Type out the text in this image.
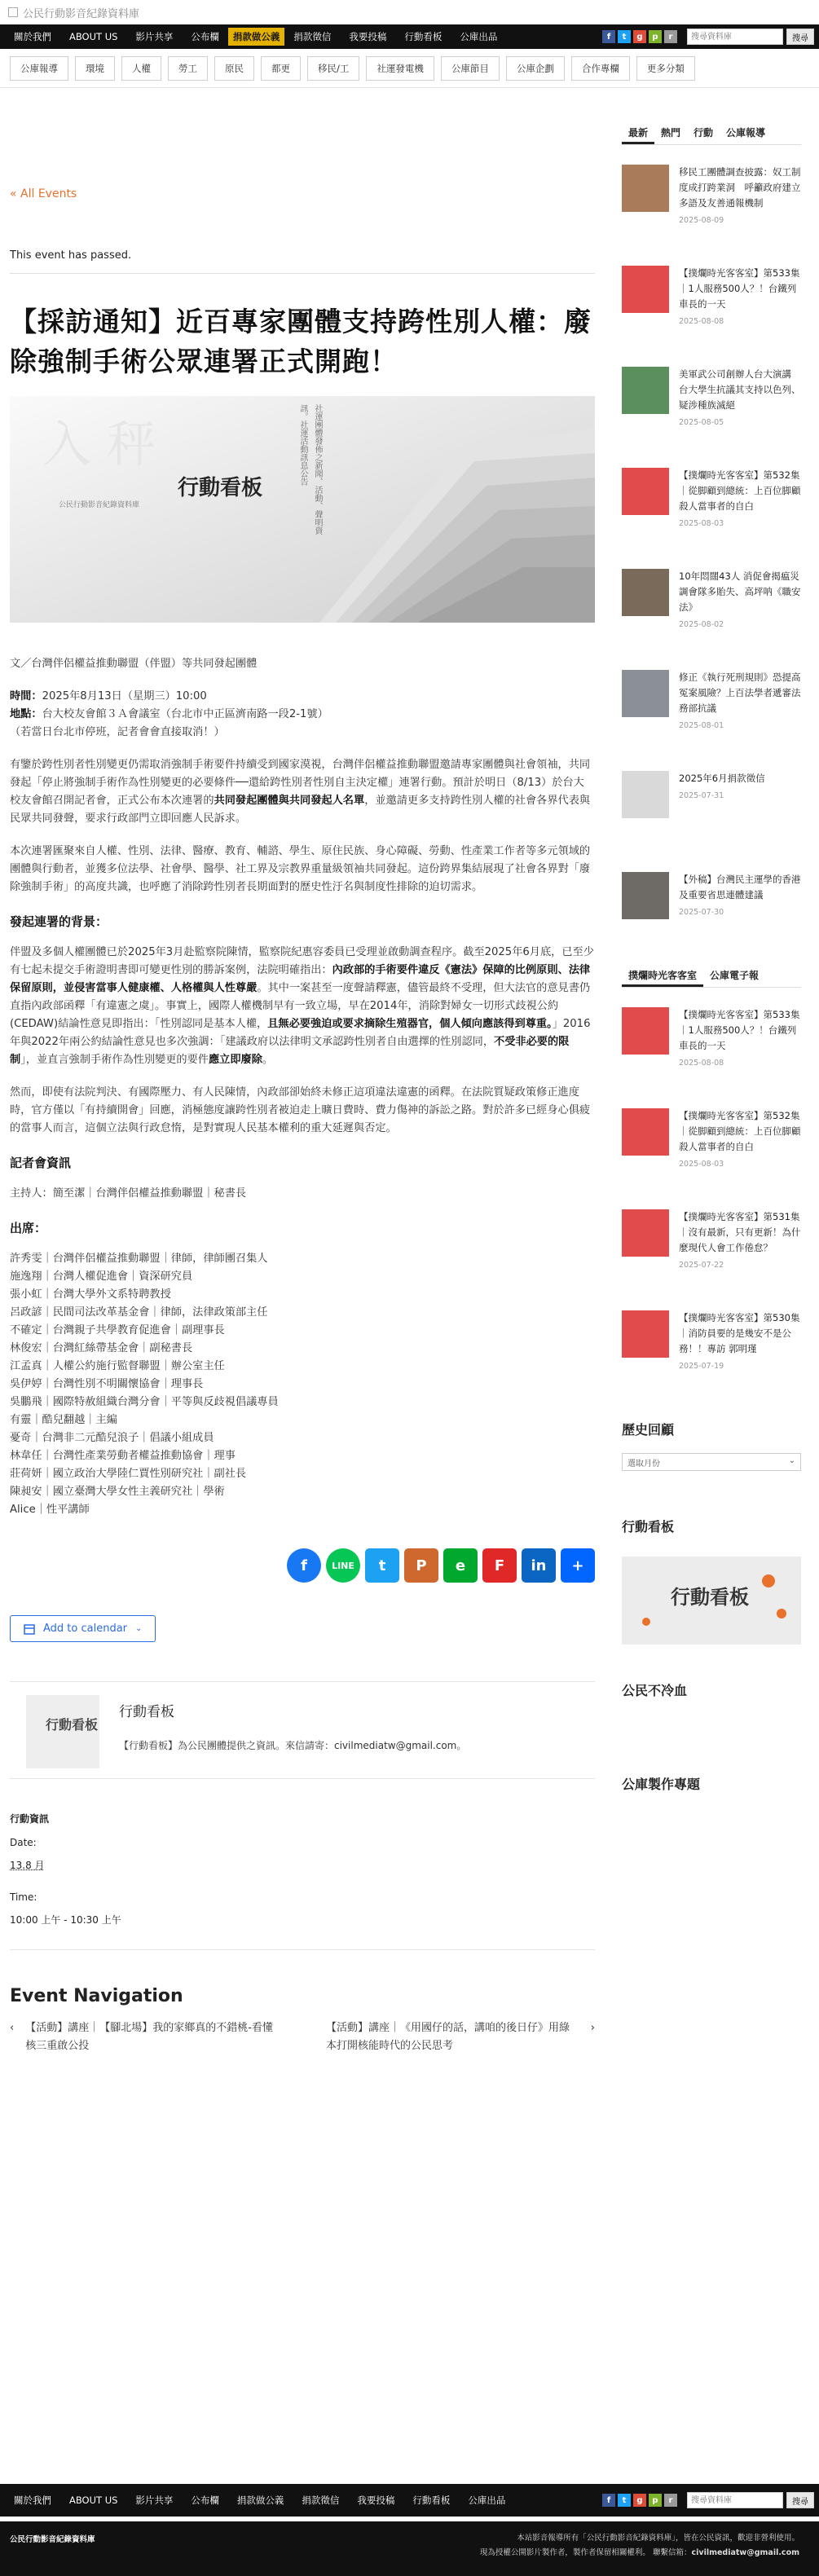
公民行動影音紀錄資料庫
關於我們	ABOUT US	影片共享	公布欄	捐款做公義	捐款徵信	我要投稿	行動看板	公庫出品	f	t	g	p	r
搜尋資料庫	搜尋
公庫報導	環境	人權	勞工	原民	都更	移民/工	社運發電機	公庫節目	公庫企劃	合作專欄	更多分類
« All Events
This event has passed.
【採訪通知】近百專家團體支持跨性別人權：廢除強制手術公眾連署正式開跑！
入 秤
行動看板
公民行動影音紀錄資料庫
社運團體發佈之新聞、活動、聲明資訊。社運活動訊息公告

文／台灣伴侶權益推動聯盟（伴盟）等共同發起團體

時間：2025年8月13日（星期三）10:00
地點：台大校友會館３Ａ會議室（台北市中正區濟南路一段2-1號）
（若當日台北市停班，記者會會直接取消！）

有鑒於跨性別者性別變更仍需取消強制手術要件持續受到國家漠視，台灣伴侶權益推動聯盟邀請專家團體與社會領袖，共同發起「停止將強制手術作為性別變更的必要條件──還給跨性別者性別自主決定權」連署行動。預計於明日（8/13）於台大校友會館召開記者會，正式公布本次連署的共同發起團體與共同發起人名單，並邀請更多支持跨性別人權的社會各界代表與民眾共同發聲，要求行政部門立即回應人民訴求。

本次連署匯聚來自人權、性別、法律、醫療、教育、輔諮、學生、原住民族、身心障礙、勞動、性產業工作者等多元領域的團體與行動者，並獲多位法學、社會學、醫學、社工界及宗教界重量級領袖共同發起。這份跨界集結展現了社會各界對「廢除強制手術」的高度共識，也呼應了消除跨性別者長期面對的歷史性汙名與制度性排除的迫切需求。

發起連署的背景：

伴盟及多個人權團體已於2025年3月赴監察院陳情，監察院紀惠容委員已受理並啟動調查程序。截至2025年6月底，已至少有七起未提交手術證明書即可變更性別的勝訴案例，法院明確指出：內政部的手術要件違反《憲法》保障的比例原則、法律保留原則，並侵害當事人健康權、人格權與人性尊嚴。其中一案甚至一度聲請釋憲，儘管最終不受理，但大法官的意見書仍直指內政部函釋「有違憲之虞」。事實上，國際人權機制早有一致立場，早在2014年，消除對婦女一切形式歧視公約(CEDAW)結論性意見即指出：「性別認同是基本人權，且無必要強迫或要求摘除生殖器官，個人傾向應該得到尊重。」2016年與2022年兩公約結論性意見也多次強調：「建議政府以法律明文承認跨性別者自由選擇的性別認同，不受非必要的限制」，並直言強制手術作為性別變更的要件應立即廢除。

然而，即使有法院判決、有國際壓力、有人民陳情，內政部卻始終未修正這項違法違憲的函釋。在法院質疑政策修正進度時，官方僅以「有持續開會」回應，消極態度讓跨性別者被迫走上曠日費時、費力傷神的訴訟之路。對於許多已經身心俱疲的當事人而言，這個立法與行政怠惰，是對實現人民基本權利的重大延遲與否定。

記者會資訊

主持人：簡至潔｜台灣伴侶權益推動聯盟｜秘書長

出席：
許秀雯｜台灣伴侶權益推動聯盟｜律師，律師團召集人
施逸翔｜台灣人權促進會｜資深研究員
張小虹｜台灣大學外文系特聘教授
呂政諺｜民間司法改革基金會｜律師，法律政策部主任
不確定｜台灣親子共學教育促進會｜副理事長
林俊宏｜台灣紅絲帶基金會｜副秘書長
江孟真｜人權公約施行監督聯盟｜辦公室主任
吳伊婷｜台灣性別不明關懷協會｜理事長
吳鵬飛｜國際特赦組織台灣分會｜平等與反歧視倡議專員
有靈｜酷兒翻越｜主編
憂奇｜台灣非二元酷兒浪子｜倡議小組成員
林韋任｜台灣性產業勞動者權益推動協會｜理事
莊荷妍｜國立政治大學陸仁賈性別研究社｜副社長
陳昶安｜國立臺灣大學女性主義研究社｜學術
Alice｜性平講師
f	LINE	t	P	e	F	in	+
Add to calendar ⌄
行動看板
行動看板
【行動看板】為公民團體提供之資訊。來信請寄：civilmediatw@gmail.com。
行動資訊
Date:
13.8 月
Time:
10:00 上午 - 10:30 上午
Event Navigation
‹ 【活動】講座｜【腳北場】我的家鄉真的不錯桃-看懂核三重啟公投
【活動】講座｜《用國仔的話，講咱的後日仔》用綠本打開核能時代的公民思考
›
最新	熱門	行動	公庫報導
移民工團體調查披露：奴工制度成打跨業洞　呼籲政府建立多語及友善通報機制
2025-08-09
【撲爛時光客客室】第533集｜1人服務500人？！台鐵列車長的一天
2025-08-08
美軍武公司創辦人台大演講　台大學生抗議其支持以色列、疑涉種族滅絕
2025-08-05
【撲爛時光客客室】第532集｜從脚顧到總統：上百位脚顧殺人當事者的自白
2025-08-03
10年悶闊43人 消促會揭瘟災調會隊多貽失、高坪呐《職安法》
2025-08-02
修正《執行死刑規則》恐提高冤案風險？上百法學者遞審法務部抗議
2025-08-01
2025年6月捐款徵信
2025-07-31
【外稿】台灣民主運學的香港及重要省思連體建議
2025-07-30
撲爛時光客客室	公庫電子報
【撲爛時光客客室】第533集｜1人服務500人？！台鐵列車長的一天
2025-08-08
【撲爛時光客客室】第532集｜從脚顧到總統：上百位脚顧殺人當事者的自白
2025-08-03
【撲爛時光客客室】第531集｜沒有最新，只有更新！為什麼現代人會工作倦怠？
2025-07-22
【撲爛時光客客室】第530集｜消防員要的是幾安不是公務！！專訪 郭明瑾
2025-07-19
歷史回顧
選取月份	⌄
行動看板
行動看板
公民不冷血
公庫製作專題
關於我們	ABOUT US	影片共享	公布欄	捐款做公義	捐款徵信	我要投稿	行動看板	公庫出品	f	t	g	p	r
搜尋資料庫	搜尋
公民行動影音紀錄資料庫	本站影音報導所有「公民行動影音紀錄資料庫」，皆在公民資訊，歡迎非營利使用。
現為授權公開影片製作者，製作者保留相關權利。 聯繫信箱：civilmediatw@gmail.com
